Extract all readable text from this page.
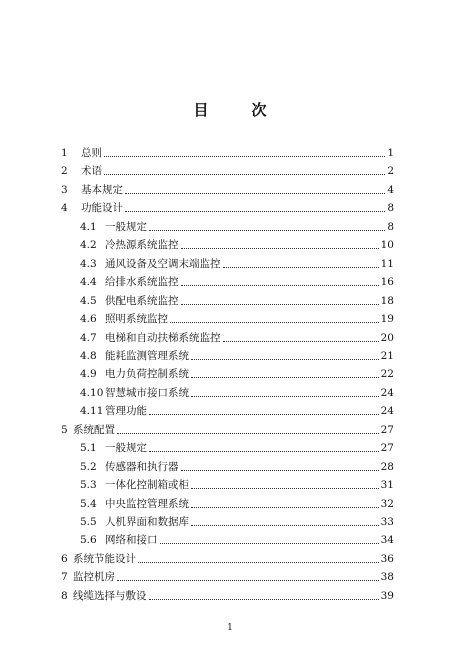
目　次
1	总则	1
2	术语	2
3	基本规定	4
4	功能设计	8
4.1 一般规定	8
4.2 冷热源系统监控	10
4.3 通风设备及空调末端监控	11
4.4 给排水系统监控	16
4.5 供配电系统监控	18
4.6 照明系统监控	19
4.7 电梯和自动扶梯系统监控	20
4.8 能耗监测管理系统	21
4.9 电力负荷控制系统	22
4.10 智慧城市接口系统	24
4.11 管理功能	24
5 系统配置	27
5.1 一般规定	27
5.2 传感器和执行器	28
5.3 一体化控制箱或柜	31
5.4 中央监控管理系统	32
5.5 人机界面和数据库	33
5.6 网络和接口	34
6 系统节能设计	36
7 监控机房	38
8 线缆选择与敷设	39
1
